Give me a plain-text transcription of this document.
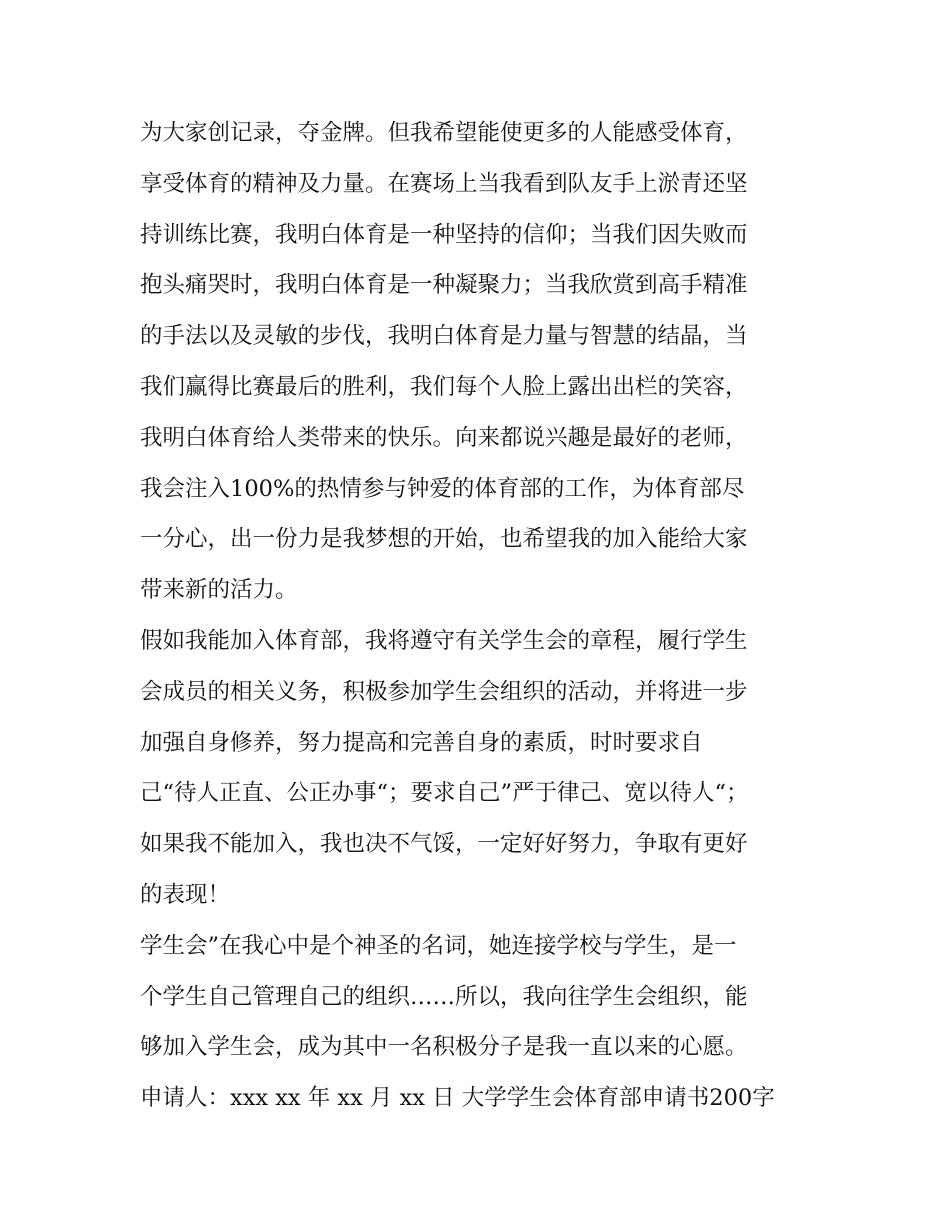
为大家创记录，夺金牌。但我希望能使更多的人能感受体育，
享受体育的精神及力量。在赛场上当我看到队友手上淤青还坚
持训练比赛，我明白体育是一种坚持的信仰；当我们因失败而
抱头痛哭时，我明白体育是一种凝聚力；当我欣赏到高手精准
的手法以及灵敏的步伐，我明白体育是力量与智慧的结晶，当
我们赢得比赛最后的胜利，我们每个人脸上露出出栏的笑容，
我明白体育给人类带来的快乐。向来都说兴趣是最好的老师，
我会注入100%的热情参与钟爱的体育部的工作，为体育部尽
一分心，出一份力是我梦想的开始，也希望我的加入能给大家
带来新的活力。
假如我能加入体育部，我将遵守有关学生会的章程，履行学生
会成员的相关义务，积极参加学生会组织的活动，并将进一步
加强自身修养，努力提高和完善自身的素质，时时要求自
己“待人正直、公正办事“；要求自己”严于律己、宽以待人“；
如果我不能加入，我也决不气馁，一定好好努力，争取有更好
的表现！
学生会”在我心中是个神圣的名词，她连接学校与学生，是一
个学生自己管理自己的组织……所以，我向往学生会组织，能
够加入学生会，成为其中一名积极分子是我一直以来的心愿。
申请人：xxx xx 年 xx 月 xx 日 大学学生会体育部申请书200字
